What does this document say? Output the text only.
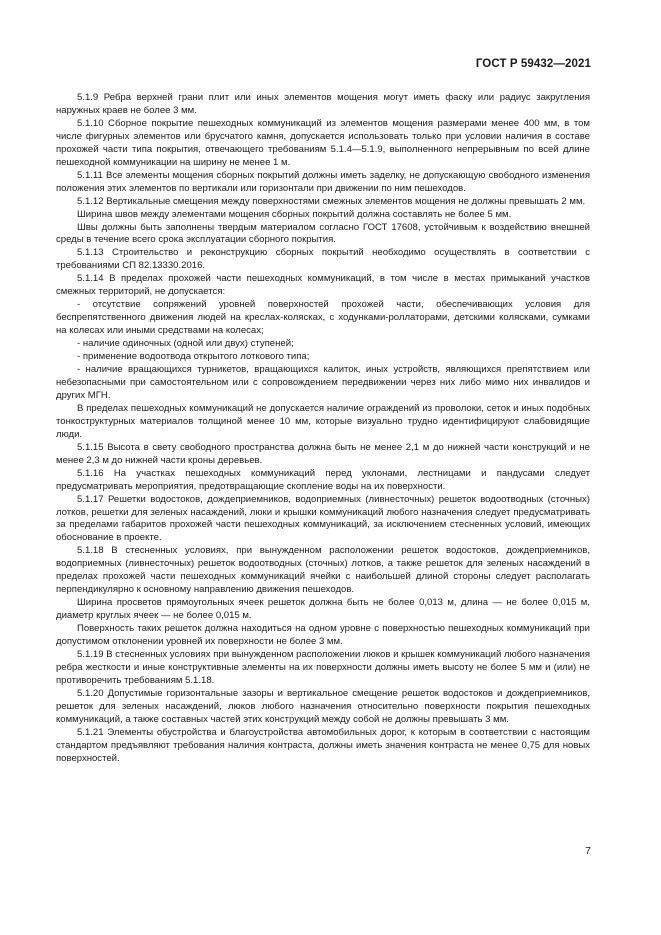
ГОСТ Р 59432—2021

5.1.9 Ребра верхней грани плит или иных элементов мощения могут иметь фаску или радиус закругления наружных краев не более 3 мм.

5.1.10 Сборное покрытие пешеходных коммуникаций из элементов мощения размерами менее 400 мм, в том числе фигурных элементов или брусчатого камня, допускается использовать только при условии наличия в составе прохожей части типа покрытия, отвечающего требованиям 5.1.4—5.1.9, выполненного непрерывным по всей длине пешеходной коммуникации на ширину не менее 1 м.

5.1.11 Все элементы мощения сборных покрытий должны иметь заделку, не допускающую свободного изменения положения этих элементов по вертикали или горизонтали при движении по ним пешеходов.

5.1.12 Вертикальные смещения между поверхностями смежных элементов мощения не должны превышать 2 мм.

Ширина швов между элементами мощения сборных покрытий должна составлять не более 5 мм.

Швы должны быть заполнены твердым материалом согласно ГОСТ 17608, устойчивым к воздействию внешней среды в течение всего срока эксплуатации сборного покрытия.

5.1.13 Строительство и реконструкцию сборных покрытий необходимо осуществлять в соответствии с требованиями СП 82.13330.2016.

5.1.14 В пределах прохожей части пешеходных коммуникаций, в том числе в местах примыканий участков смежных территорий, не допускается:

- отсутствие сопряжений уровней поверхностей прохожей части, обеспечивающих условия для беспрепятственного движения людей на креслах-колясках, с ходунками-роллаторами, детскими колясками, сумками на колесах или иными средствами на колесах;

- наличие одиночных (одной или двух) ступеней;

- применение водоотвода открытого лоткового типа;

- наличие вращающихся турникетов, вращающихся калиток, иных устройств, являющихся препятствием или небезопасными при самостоятельном или с сопровождением передвижении через них либо мимо них инвалидов и других МГН.

В пределах пешеходных коммуникаций не допускается наличие ограждений из проволоки, сеток и иных подобных тонкоструктурных материалов толщиной менее 10 мм, которые визуально трудно идентифицируют слабовидящие люди.

5.1.15 Высота в свету свободного пространства должна быть не менее 2,1 м до нижней части конструкций и не менее 2,3 м до нижней части кроны деревьев.

5.1.16 На участках пешеходных коммуникаций перед уклонами, лестницами и пандусами следует предусматривать мероприятия, предотвращающие скопление воды на их поверхности.

5.1.17 Решетки водостоков, дождеприемников, водоприемных (ливнесточных) решеток водоотводных (сточных) лотков, решетки для зеленых насаждений, люки и крышки коммуникаций любого назначения следует предусматривать за пределами габаритов прохожей части пешеходных коммуникаций, за исключением стесненных условий, имеющих обоснование в проекте.

5.1.18 В стесненных условиях, при вынужденном расположении решеток водостоков, дождеприемников, водоприемных (ливнесточных) решеток водоотводных (сточных) лотков, а также решеток для зеленых насаждений в пределах прохожей части пешеходных коммуникаций ячейки с наибольшей длиной стороны следует располагать перпендикулярно к основному направлению движения пешеходов.

Ширина просветов прямоугольных ячеек решеток должна быть не более 0,013 м, длина — не более 0,015 м, диаметр круглых ячеек — не более 0,015 м.

Поверхность таких решеток должна находиться на одном уровне с поверхностью пешеходных коммуникаций при допустимом отклонении уровней их поверхности не более 3 мм.

5.1.19 В стесненных условиях при вынужденном расположении люков и крышек коммуникаций любого назначения ребра жесткости и иные конструктивные элементы на их поверхности должны иметь высоту не более 5 мм и (или) не противоречить требованиям 5.1.18.

5.1.20 Допустимые горизонтальные зазоры и вертикальное смещение решеток водостоков и дождеприемников, решеток для зеленых насаждений, люков любого назначения относительно поверхности покрытия пешеходных коммуникаций, а также составных частей этих конструкций между собой не должны превышать 3 мм.

5.1.21 Элементы обустройства и благоустройства автомобильных дорог, к которым в соответствии с настоящим стандартом предъявляют требования наличия контраста, должны иметь значения контраста не менее 0,75 для новых поверхностей.

7
